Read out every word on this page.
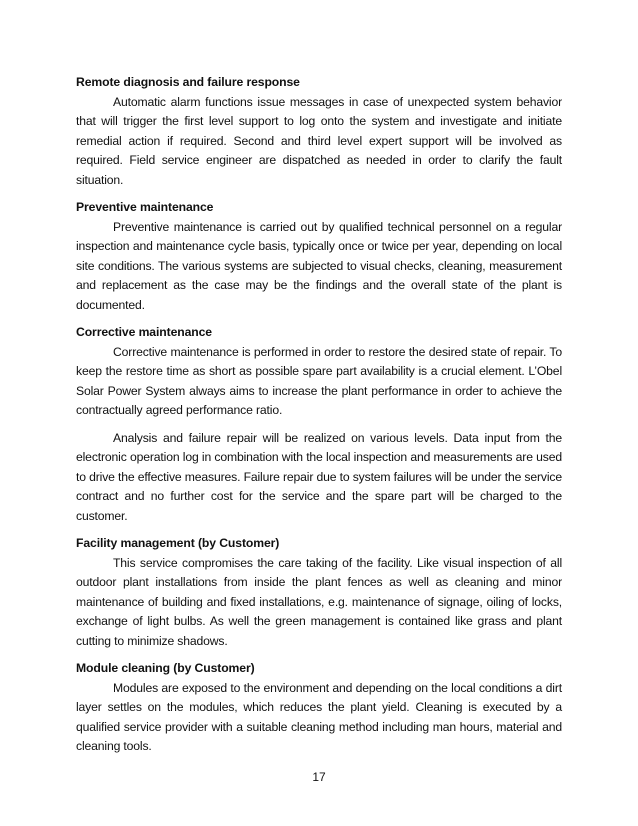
Remote diagnosis and failure response

Automatic alarm functions issue messages in case of unexpected system behavior that will trigger the first level support to log onto the system and investigate and initiate remedial action if required. Second and third level expert support will be involved as required. Field service engineer are dispatched as needed in order to clarify the fault situation.

Preventive maintenance

Preventive maintenance is carried out by qualified technical personnel on a regular inspection and maintenance cycle basis, typically once or twice per year, depending on local site conditions. The various systems are subjected to visual checks, cleaning, measurement and replacement as the case may be the findings and the overall state of the plant is documented.

Corrective maintenance

Corrective maintenance is performed in order to restore the desired state of repair. To keep the restore time as short as possible spare part availability is a crucial element. L’Obel Solar Power System always aims to increase the plant performance in order to achieve the contractually agreed performance ratio.

Analysis and failure repair will be realized on various levels. Data input from the electronic operation log in combination with the local inspection and measurements are used to drive the effective measures. Failure repair due to system failures will be under the service contract and no further cost for the service and the spare part will be charged to the customer.

Facility management (by Customer)

This service compromises the care taking of the facility. Like visual inspection of all outdoor plant installations from inside the plant fences as well as cleaning and minor maintenance of building and fixed installations, e.g. maintenance of signage, oiling of locks, exchange of light bulbs. As well the green management is contained like grass and plant cutting to minimize shadows.

Module cleaning (by Customer)

Modules are exposed to the environment and depending on the local conditions a dirt layer settles on the modules, which reduces the plant yield. Cleaning is executed by a qualified service provider with a suitable cleaning method including man hours, material and cleaning tools.

17
